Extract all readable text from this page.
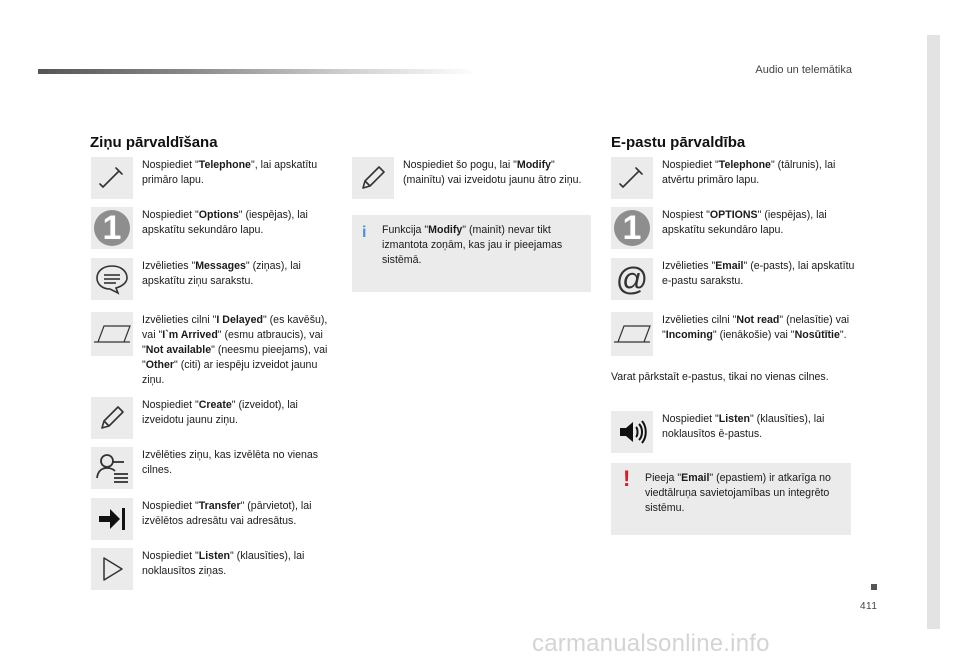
Audio un telemātika
Ziņu pārvaldīšana	E-pastu pārvaldība
Nospiediet "Telephone", lai apskatītu primāro lapu.
1 Nospiediet "Options" (iespējas), lai apskatītu sekundāro lapu.
Izvēlieties "Messages" (ziņas), lai apskatītu ziņu sarakstu.
Izvēlieties cilni "I Delayed" (es kavēšu), vai "I`m Arrived" (esmu atbraucis), vai "Not available" (neesmu pieejams), vai "Other" (citi) ar iespēju izveidot jaunu ziņu.
Nospiediet "Create" (izveidot), lai izveidotu jaunu ziņu.
Izvēlēties ziņu, kas izvēlēta no vienas cilnes.
Nospiediet "Transfer" (pārvietot), lai izvēlētos adresātu vai adresātus.
Nospiediet "Listen" (klausīties), lai noklausītos ziņas.
Nospiediet šo pogu, lai "Modify" (mainītu) vai izveidotu jaunu ātro ziņu.
i Funkcija "Modify" (mainīt) nevar tikt izmantota zoņām, kas jau ir pieejamas sistēmā.
Nospiediet "Telephone" (tālrunis), lai atvērtu primāro lapu.
1 Nospiest "OPTIONS" (iespējas), lai apskatītu sekundāro lapu.
@ Izvēlieties "Email" (e-pasts), lai apskatītu e-pastu sarakstu.
Izvēlieties cilni "Not read" (nelasītie) vai "Incoming" (ienākošie) vai "Nosūtītie".
Varat pārkstaīt e-pastus, tikai no vienas cilnes.
Nospiediet "Listen" (klausīties), lai noklausītos ē-pastus.
! Pieeja "Email" (epastiem) ir atkarīga no viedtālruņa savietojamības un integrēto sistēmu.
411
carmanualsonline.info
